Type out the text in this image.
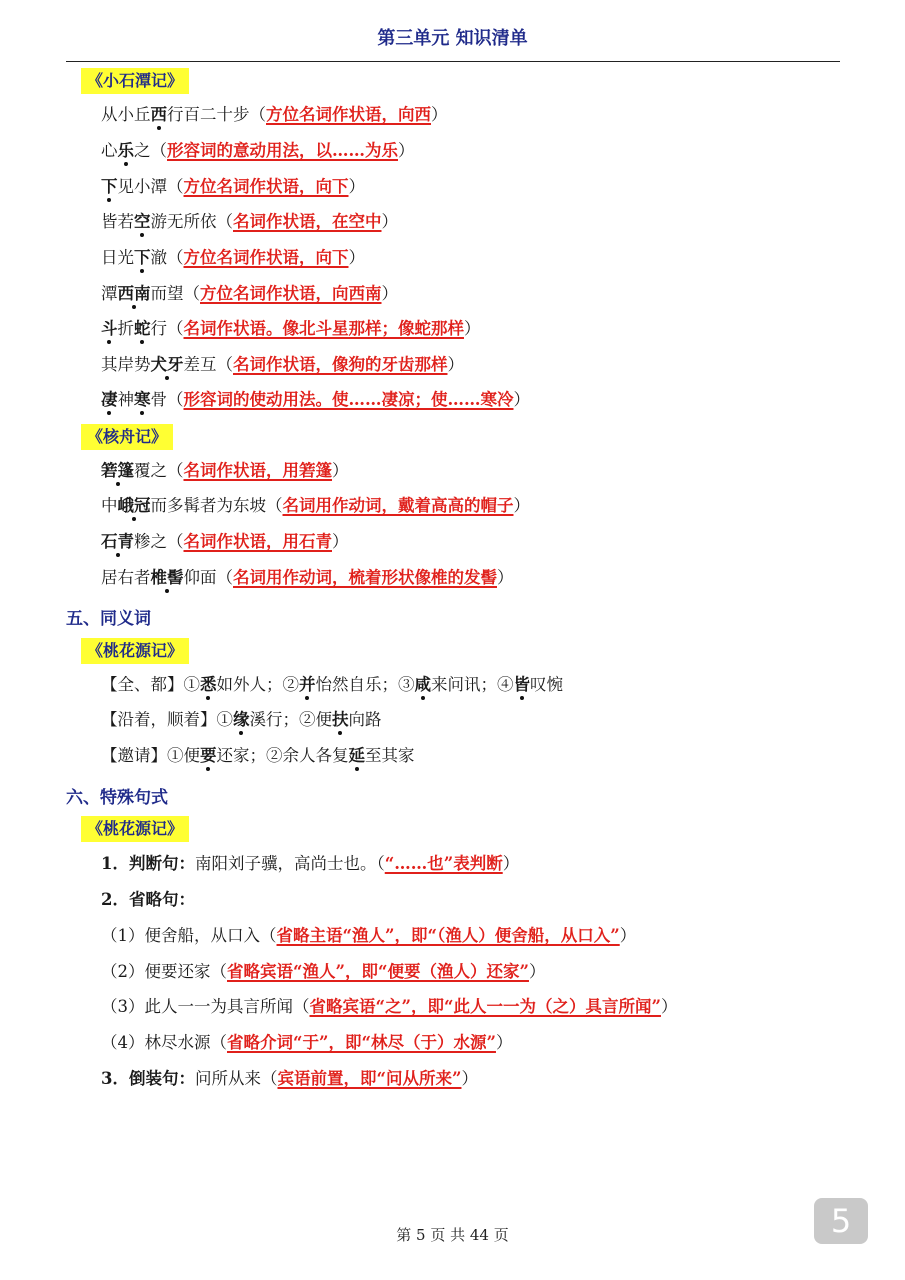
第三单元 知识清单
《小石潭记》
从小丘西行百二十步（方位名词作状语，向西）
心乐之（形容词的意动用法，以……为乐）
下见小潭（方位名词作状语，向下）
皆若空游无所依（名词作状语，在空中）
日光下澈（方位名词作状语，向下）
潭西南而望（方位名词作状语，向西南）
斗折蛇行（名词作状语。像北斗星那样；像蛇那样）
其岸势犬牙差互（名词作状语，像狗的牙齿那样）
凄神寒骨（形容词的使动用法。使……凄凉；使……寒冷）
《核舟记》
箬篷覆之（名词作状语，用箬篷）
中峨冠而多髯者为东坡（名词用作动词，戴着高高的帽子）
石青糁之（名词作状语，用石青）
居右者椎髻仰面（名词用作动词，梳着形状像椎的发髻）
五、同义词
《桃花源记》
【全、都】①悉如外人；②并怡然自乐；③咸来问讯；④皆叹惋
【沿着，顺着】①缘溪行；②便扶向路
【邀请】①便要还家；②余人各复延至其家
六、特殊句式
《桃花源记》
1．判断句：南阳刘子骥，高尚士也。（“……也”表判断）
2．省略句：
（1）便舍船，从口入（省略主语“渔人”，即“（渔人）便舍船，从口入”）
（2）便要还家（省略宾语“渔人”，即“便要（渔人）还家”）
（3）此人一一为具言所闻（省略宾语“之”，即“此人一一为（之）具言所闻”）
（4）林尽水源（省略介词“于”，即“林尽（于）水源”）
3．倒装句：问所从来（宾语前置，即“问从所来”）
第 5 页 共 44 页	5
